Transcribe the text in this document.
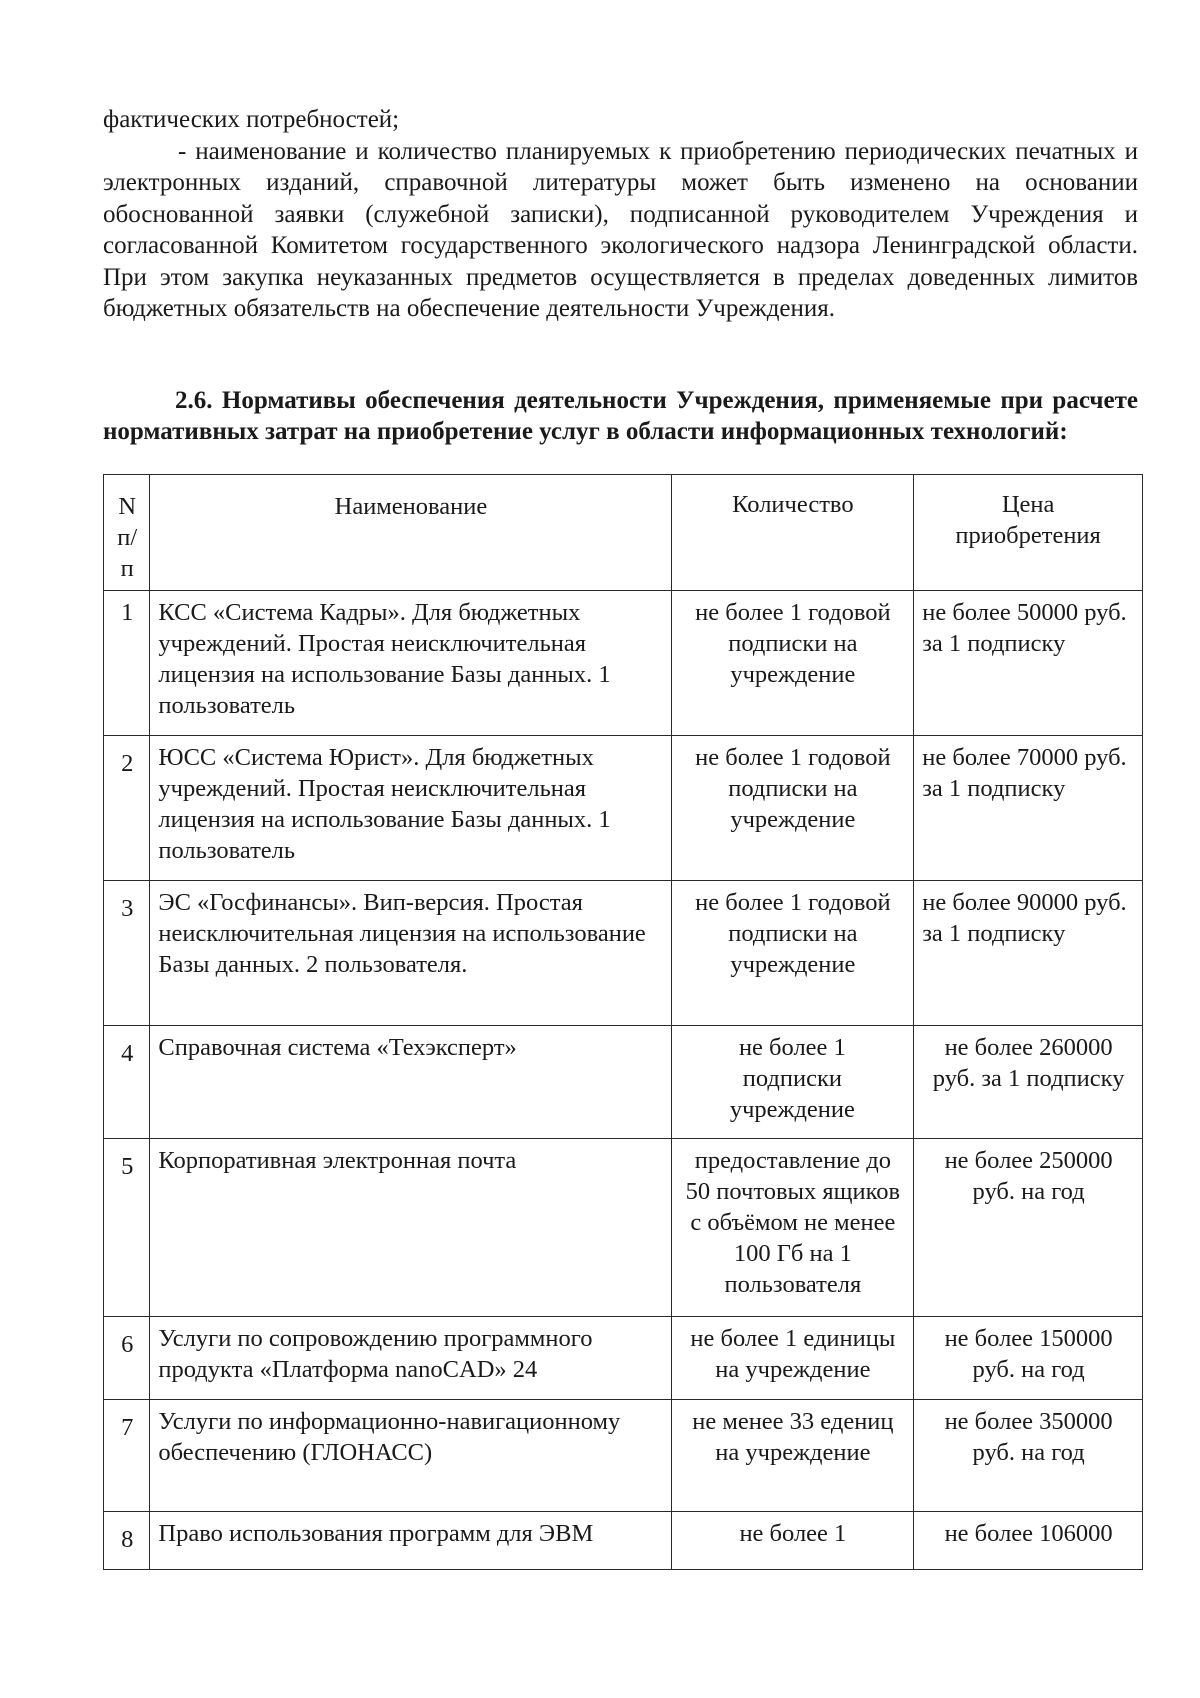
фактических потребностей;

- наименование и количество планируемых к приобретению периодических печатных и электронных изданий, справочной литературы может быть изменено на основании обоснованной заявки (служебной записки), подписанной руководителем Учреждения и согласованной Комитетом государственного экологического надзора Ленинградской области. При этом закупка неуказанных предметов осуществляется в пределах доведенных лимитов бюджетных обязательств на обеспечение деятельности Учреждения.

2.6. Нормативы обеспечения деятельности Учреждения, применяемые при расчете нормативных затрат на приобретение услуг в области информационных технологий:
N п/п	Наименование	Количество	Цена приобретения
1	КСС «Система Кадры». Для бюджетных учреждений. Простая неисключительная лицензия на использование Базы данных. 1 пользователь	не более 1 годовой подписки на учреждение	не более 50000 руб. за 1 подписку
2	ЮСС «Система Юрист». Для бюджетных учреждений. Простая неисключительная лицензия на использование Базы данных. 1 пользователь	не более 1 годовой подписки на учреждение	не более 70000 руб. за 1 подписку
3	ЭС «Госфинансы». Вип-версия. Простая неисключительная лицензия на использование Базы данных. 2 пользователя.	не более 1 годовой подписки на учреждение	не более 90000 руб. за 1 подписку
4	Справочная система «Техэксперт»	не более 1 подписки учреждение	не более 260000 руб. за 1 подписку
5	Корпоративная электронная почта	предоставление до 50 почтовых ящиков с объёмом не менее 100 Гб на 1 пользователя	не более 250000 руб. на год
6	Услуги по сопровождению программного продукта «Платформа nanoCAD» 24	не более 1 единицы на учреждение	не более 150000 руб. на год
7	Услуги по информационно-навигационному обеспечению (ГЛОНАСС)	не менее 33 едениц на учреждение	не более 350000 руб. на год
8	Право использования программ для ЭВМ	не более 1	не более 106000
